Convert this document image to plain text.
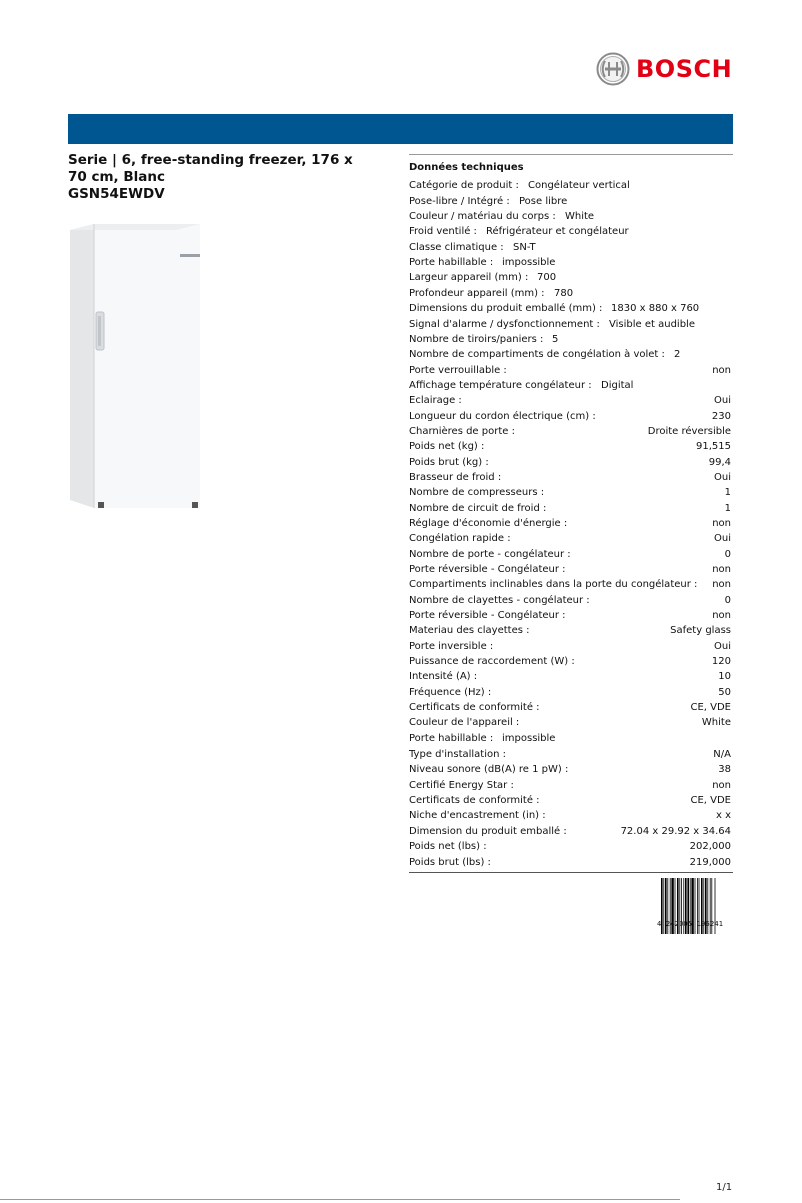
BOSCH
Serie | 6, free-standing freezer, 176 x 70 cm, Blanc
GSN54EWDV
Données techniques
Catégorie de produit : Congélateur vertical
Pose-libre / Intégré : Pose libre
Couleur / matériau du corps : White
Froid ventilé : Réfrigérateur et congélateur
Classe climatique : SN-T
Porte habillable : impossible
Largeur appareil (mm) : 700
Profondeur appareil (mm) : 780
Dimensions du produit emballé (mm) : 1830 x 880 x 760
Signal d'alarme / dysfonctionnement : Visible et audible
Nombre de tiroirs/paniers : 5
Nombre de compartiments de congélation à volet : 2
Porte verrouillable :	non
Affichage température congélateur : Digital
Eclairage :	Oui
Longueur du cordon électrique (cm) :	230
Charnières de porte :	Droite réversible
Poids net (kg) :	91,515
Poids brut (kg) :	99,4
Brasseur de froid :	Oui
Nombre de compresseurs :	1
Nombre de circuit de froid :	1
Réglage d'économie d'énergie :	non
Congélation rapide :	Oui
Nombre de porte - congélateur :	0
Porte réversible - Congélateur :	non
Compartiments inclinables dans la porte du congélateur : non
Nombre de clayettes - congélateur :	0
Porte réversible - Congélateur :	non
Materiau des clayettes :	Safety glass
Porte inversible :	Oui
Puissance de raccordement (W) :	120
Intensité (A) :	10
Fréquence (Hz) :	50
Certificats de conformité :	CE, VDE
Couleur de l'appareil :	White
Porte habillable : impossible
Type d'installation :	N/A
Niveau sonore (dB(A) re 1 pW) :	38
Certifié Energy Star :	non
Certificats de conformité :	CE, VDE
Niche d'encastrement (in) :	x x
Dimension du produit emballé :	72.04 x 29.92 x 34.64
Poids net (lbs) :	202,000
Poids brut (lbs) :	219,000
4 242005 196241
1/1
